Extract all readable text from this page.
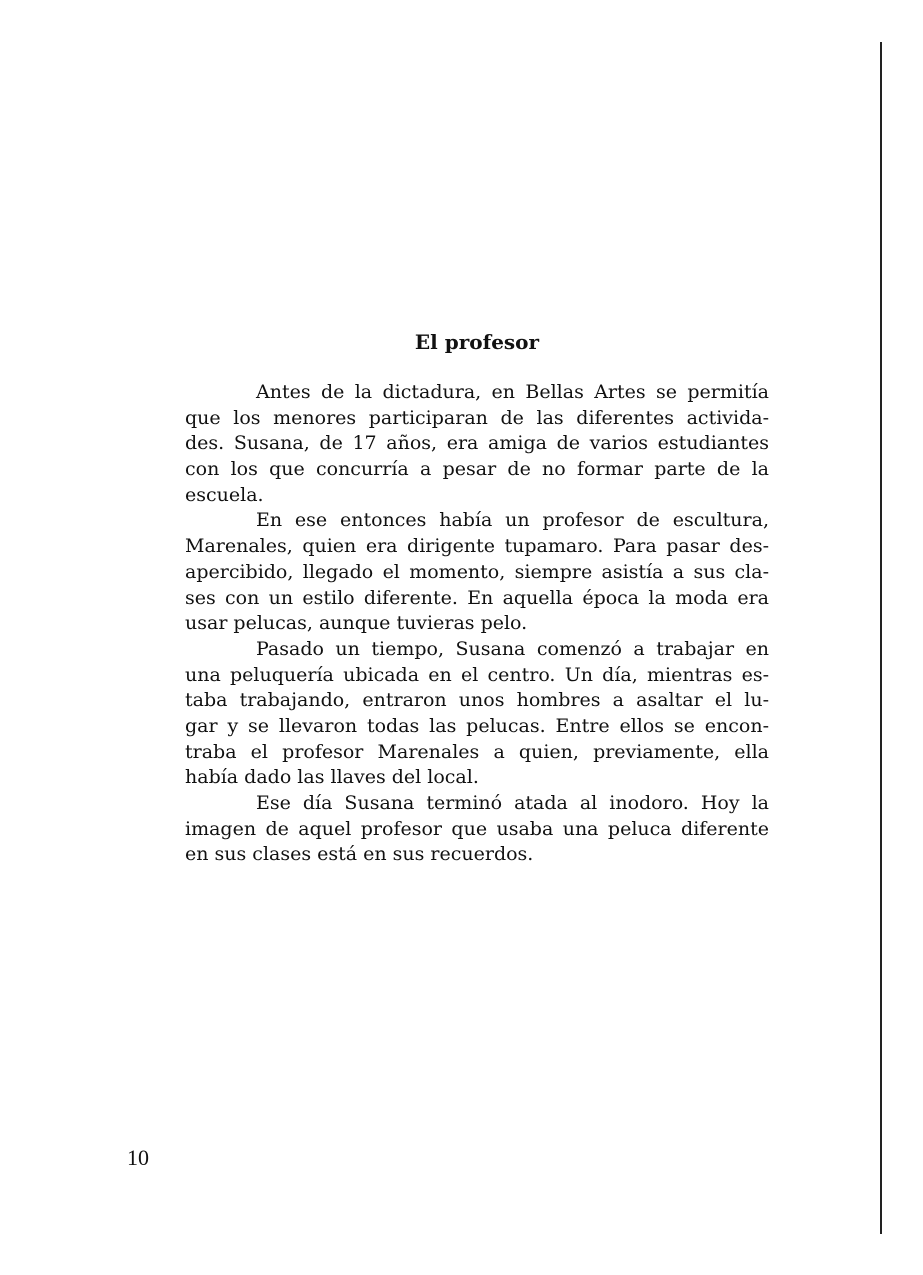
El profesor
Antes de la dictadura, en Bellas Artes se permitía
que los menores participaran de las diferentes activida-
des. Susana, de 17 años, era amiga de varios estudiantes
con los que concurría a pesar de no formar parte de la
escuela.
En ese entonces había un profesor de escultura,
Marenales, quien era dirigente tupamaro. Para pasar des-
apercibido, llegado el momento, siempre asistía a sus cla-
ses con un estilo diferente. En aquella época la moda era
usar pelucas, aunque tuvieras pelo.
Pasado un tiempo, Susana comenzó a trabajar en
una peluquería ubicada en el centro. Un día, mientras es-
taba trabajando, entraron unos hombres a asaltar el lu-
gar y se llevaron todas las pelucas. Entre ellos se encon-
traba el profesor Marenales a quien, previamente, ella
había dado las llaves del local.
Ese día Susana terminó atada al inodoro. Hoy la
imagen de aquel profesor que usaba una peluca diferente
en sus clases está en sus recuerdos.
10
